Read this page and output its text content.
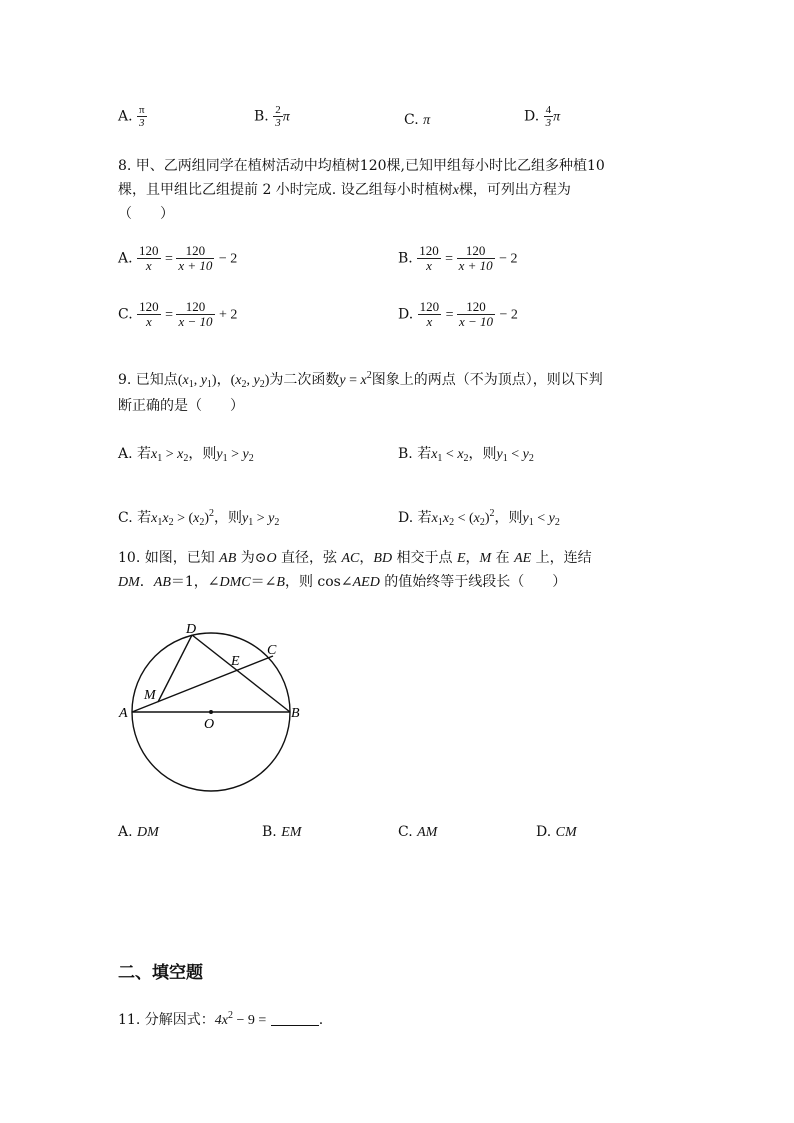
A. $\frac{\pi}{3}$	B. $\frac{2}{3}$ π	C. π	D. $\frac{4}{3}$ π
8. 甲、乙两组同学在植树活动中均植树120棵,已知甲组每小时比乙组多种植10
棵，且甲组比乙组提前 2 小时完成. 设乙组每小时植树x棵，可列出方程为
（　　）
A. $\frac{120}{x} = \frac{120}{x + 10} - 2$	B. $\frac{120}{x} = \frac{120}{x + 10} - 2$
C. $\frac{120}{x} = \frac{120}{x - 10} + 2$	D. $\frac{120}{x} = \frac{120}{x - 10} - 2$
9. 已知点($x_1$, $y_1$)，($x_2$, $y_2$)为二次函数$y = x^2$图象上的两点（不为顶点），则以下判
断正确的是（　　）
A. 若$x_1 > x_2$，则$y_1 > y_2$	B. 若$x_1 < x_2$，则$y_1 < y_2$
C. 若$x_1x_2 > (x_2)^2$，则$y_1 > y_2$	D. 若$x_1x_2 < (x_2)^2$，则$y_1 < y_2$
10. 如图，已知 AB 为⊙O 直径，弦 AC，BD 相交于点 E，M 在 AE 上，连结
DM．AB＝1，∠DMC＝∠B，则 cos∠AED 的值始终等于线段长（　　）
D
C
E
M
A
O
B
A. DM	B. EM	C. AM	D. CM
二、填空题
11. 分解因式：$4x^2 - 9$ =	.
